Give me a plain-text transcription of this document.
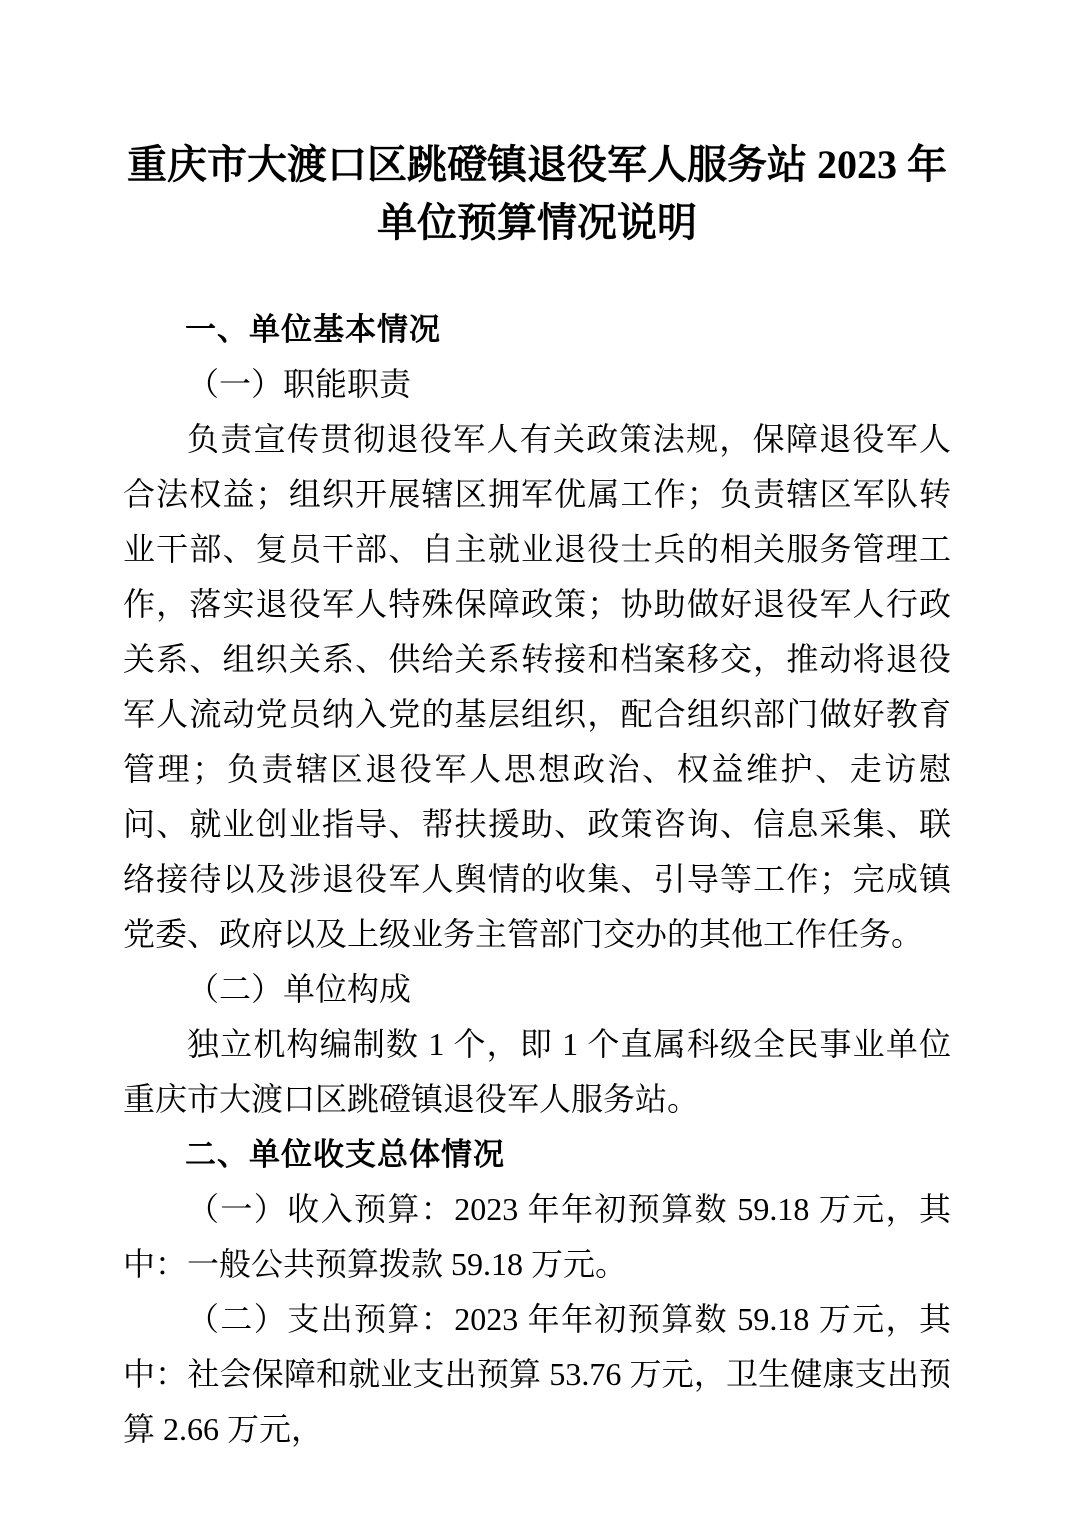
重庆市大渡口区跳磴镇退役军人服务站 2023 年
单位预算情况说明
一、单位基本情况

（一）职能职责

负责宣传贯彻退役军人有关政策法规，保障退役军人合法权益；组织开展辖区拥军优属工作；负责辖区军队转业干部、复员干部、自主就业退役士兵的相关服务管理工作，落实退役军人特殊保障政策；协助做好退役军人行政关系、组织关系、供给关系转接和档案移交，推动将退役军人流动党员纳入党的基层组织，配合组织部门做好教育管理；负责辖区退役军人思想政治、权益维护、走访慰问、就业创业指导、帮扶援助、政策咨询、信息采集、联络接待以及涉退役军人舆情的收集、引导等工作；完成镇党委、政府以及上级业务主管部门交办的其他工作任务。

（二）单位构成

独立机构编制数 1 个，即 1 个直属科级全民事业单位重庆市大渡口区跳磴镇退役军人服务站。

二、单位收支总体情况

（一）收入预算：2023 年年初预算数 59.18 万元，其中：一般公共预算拨款 59.18 万元。

（二）支出预算：2023 年年初预算数 59.18 万元，其中：社会保障和就业支出预算 53.76 万元，卫生健康支出预算 2.66 万元，
